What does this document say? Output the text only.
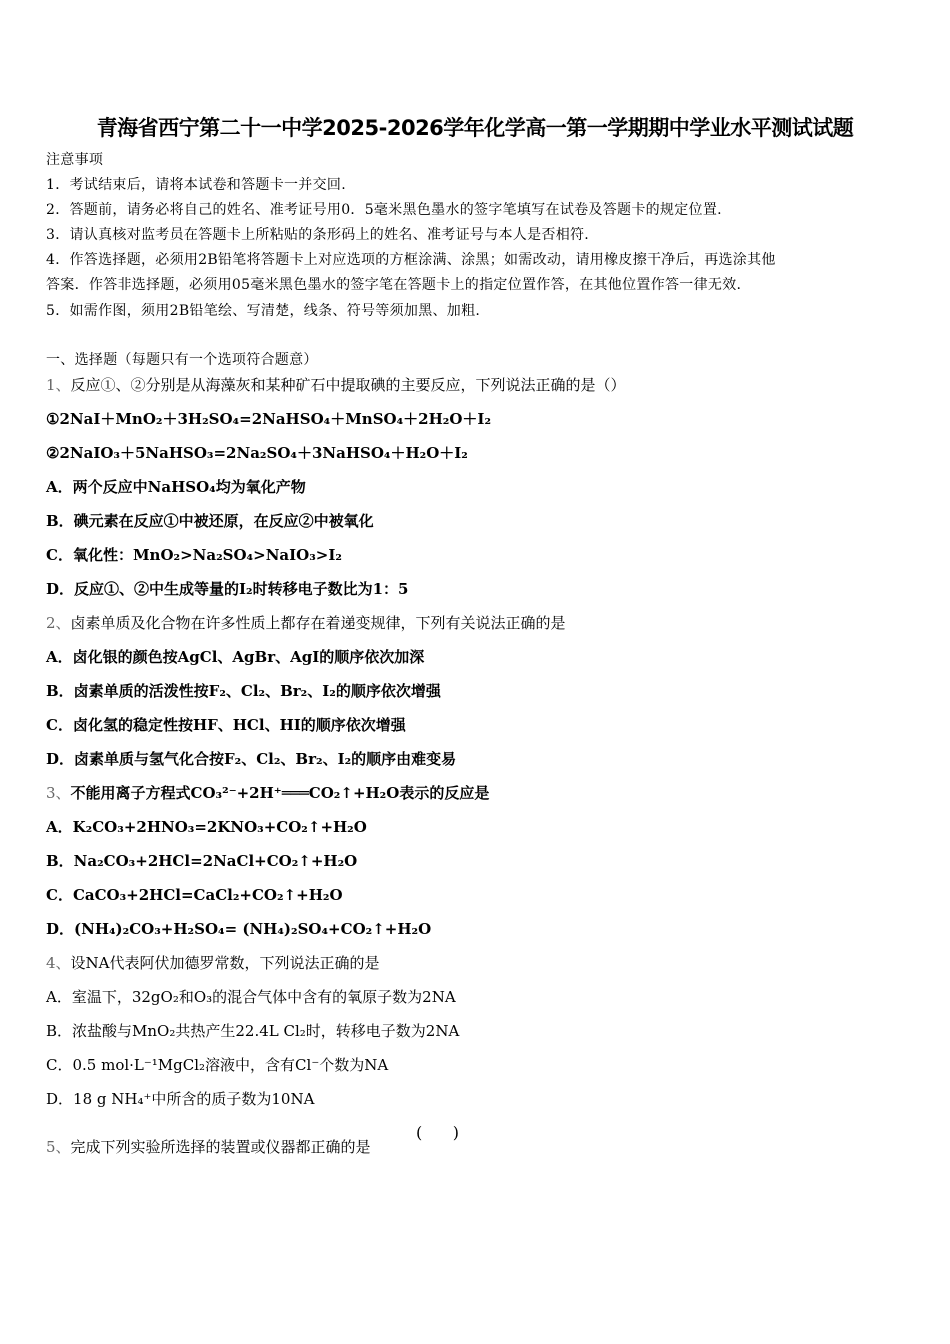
青海省西宁第二十一中学2025-2026学年化学高一第一学期期中学业水平测试试题
注意事项
1．考试结束后，请将本试卷和答题卡一并交回.
2．答题前，请务必将自己的姓名、准考证号用0．5毫米黑色墨水的签字笔填写在试卷及答题卡的规定位置.
3．请认真核对监考员在答题卡上所粘贴的条形码上的姓名、准考证号与本人是否相符.
4．作答选择题，必须用2B铅笔将答题卡上对应选项的方框涂满、涂黑；如需改动，请用橡皮擦干净后，再选涂其他
答案．作答非选择题，必须用05毫米黑色墨水的签字笔在答题卡上的指定位置作答，在其他位置作答一律无效.
5．如需作图，须用2B铅笔绘、写清楚，线条、符号等须加黑、加粗.
一、选择题（每题只有一个选项符合题意）
1、反应①、②分别是从海藻灰和某种矿石中提取碘的主要反应，下列说法正确的是（）
①2NaI＋MnO₂＋3H₂SO₄=2NaHSO₄＋MnSO₄＋2H₂O＋I₂
②2NaIO₃＋5NaHSO₃=2Na₂SO₄＋3NaHSO₄＋H₂O＋I₂
A．两个反应中NaHSO₄均为氧化产物
B．碘元素在反应①中被还原，在反应②中被氧化
C．氧化性：MnO₂>Na₂SO₄>NaIO₃>I₂
D．反应①、②中生成等量的I₂时转移电子数比为1：5
2、卤素单质及化合物在许多性质上都存在着递变规律，下列有关说法正确的是
A．卤化银的颜色按AgCl、AgBr、AgI的顺序依次加深
B．卤素单质的活泼性按F₂、Cl₂、Br₂、I₂的顺序依次增强
C．卤化氢的稳定性按HF、HCl、HI的顺序依次增强
D．卤素单质与氢气化合按F₂、Cl₂、Br₂、I₂的顺序由难变易
3、不能用离子方程式CO₃²⁻+2H⁺═══CO₂↑+H₂O表示的反应是
A．K₂CO₃+2HNO₃=2KNO₃+CO₂↑+H₂O
B．Na₂CO₃+2HCl=2NaCl+CO₂↑+H₂O
C．CaCO₃+2HCl=CaCl₂+CO₂↑+H₂O
D．(NH₄)₂CO₃+H₂SO₄= (NH₄)₂SO₄+CO₂↑+H₂O
4、设NA代表阿伏加德罗常数，下列说法正确的是
A．室温下，32gO₂和O₃的混合气体中含有的氧原子数为2NA
B．浓盐酸与MnO₂共热产生22.4L Cl₂时，转移电子数为2NA
C．0.5 mol·L⁻¹MgCl₂溶液中，含有Cl⁻个数为NA
D．18 g NH₄⁺中所含的质子数为10NA
5、完成下列实验所选择的装置或仪器都正确的是
(      )
